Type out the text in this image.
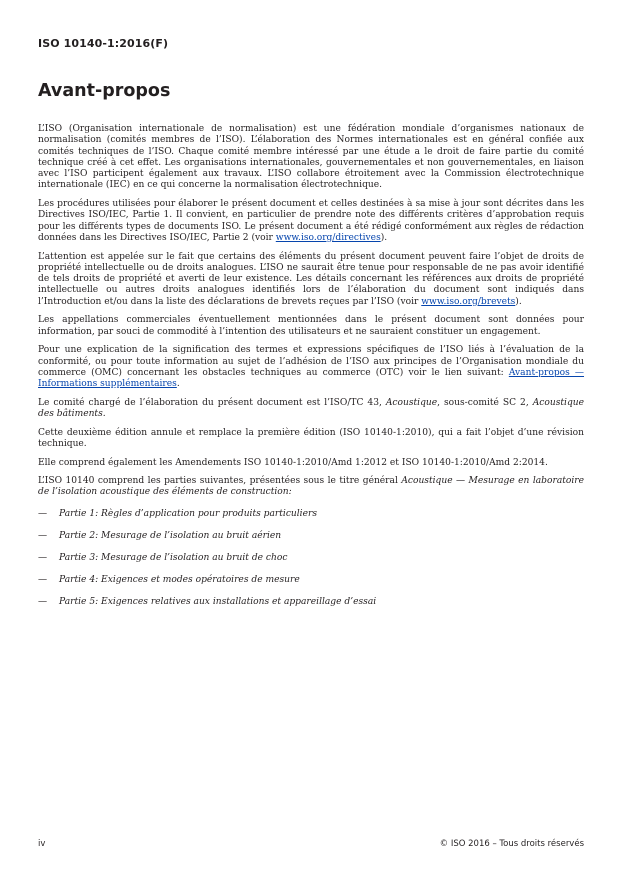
ISO 10140-1:2016(F)
Avant-propos

L’ISO (Organisation internationale de normalisation) est une fédération mondiale d’organismes nationaux de normalisation (comités membres de l’ISO). L’élaboration des Normes internationales est en général confiée aux comités techniques de l’ISO. Chaque comité membre intéressé par une étude a le droit de faire partie du comité technique créé à cet effet. Les organisations internationales, gouvernementales et non gouvernementales, en liaison avec l’ISO participent également aux travaux. L’ISO collabore étroitement avec la Commission électrotechnique internationale (IEC) en ce qui concerne la normalisation électrotechnique.

Les procédures utilisées pour élaborer le présent document et celles destinées à sa mise à jour sont décrites dans les Directives ISO/IEC, Partie 1. Il convient, en particulier de prendre note des différents critères d’approbation requis pour les différents types de documents ISO. Le présent document a été rédigé conformément aux règles de rédaction données dans les Directives ISO/IEC, Partie 2 (voir www.iso.org/directives).

L’attention est appelée sur le fait que certains des éléments du présent document peuvent faire l’objet de droits de propriété intellectuelle ou de droits analogues. L’ISO ne saurait être tenue pour responsable de ne pas avoir identifié de tels droits de propriété et averti de leur existence. Les détails concernant les références aux droits de propriété intellectuelle ou autres droits analogues identifiés lors de l’élaboration du document sont indiqués dans l’Introduction et/ou dans la liste des déclarations de brevets reçues par l’ISO (voir www.iso.org/brevets).

Les appellations commerciales éventuellement mentionnées dans le présent document sont données pour information, par souci de commodité à l’intention des utilisateurs et ne sauraient constituer un engagement.

Pour une explication de la signification des termes et expressions spécifiques de l’ISO liés à l’évaluation de la conformité, ou pour toute information au sujet de l’adhésion de l’ISO aux principes de l’Organisation mondiale du commerce (OMC) concernant les obstacles techniques au commerce (OTC) voir le lien suivant: Avant-propos — Informations supplémentaires.

Le comité chargé de l’élaboration du présent document est l’ISO/TC 43, Acoustique, sous-comité SC 2, Acoustique des bâtiments.

Cette deuxième édition annule et remplace la première édition (ISO 10140-1:2010), qui a fait l’objet d’une révision technique.

Elle comprend également les Amendements ISO 10140-1:2010/Amd 1:2012 et ISO 10140-1:2010/Amd 2:2014.

L’ISO 10140 comprend les parties suivantes, présentées sous le titre général Acoustique — Mesurage en laboratoire de l’isolation acoustique des éléments de construction:

—	Partie 1: Règles d’application pour produits particuliers
—	Partie 2: Mesurage de l’isolation au bruit aérien
—	Partie 3: Mesurage de l’isolation au bruit de choc
—	Partie 4: Exigences et modes opératoires de mesure
—	Partie 5: Exigences relatives aux installations et appareillage d’essai
iv	© ISO 2016 – Tous droits réservés
